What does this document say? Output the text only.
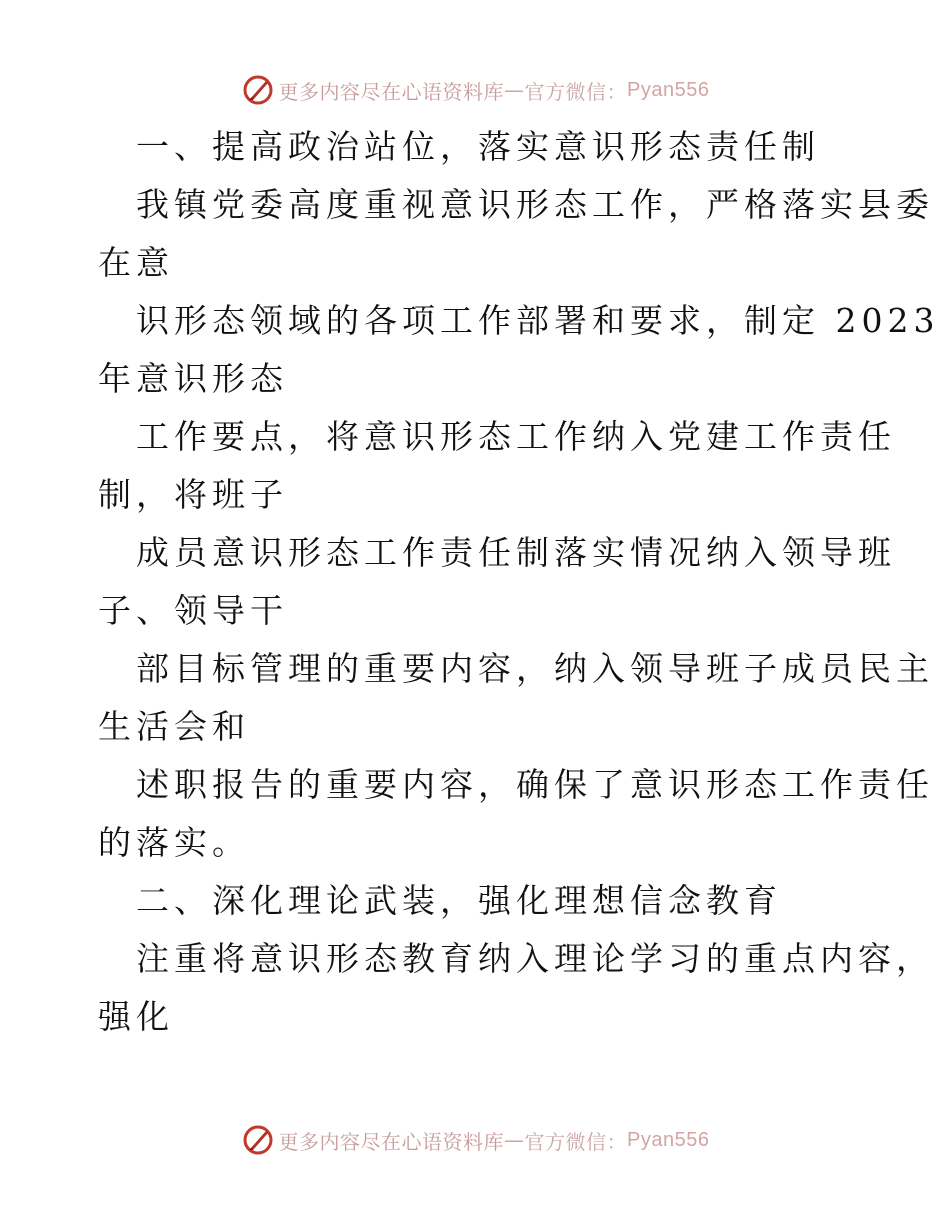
更多内容尽在心语资料库 — 官方微信： Pyan556
一、提高政治站位，落实意识形态责任制
我镇党委高度重视意识形态工作，严格落实县委
在意
识形态领域的各项工作部署和要求，制定 2023
年意识形态
工作要点，将意识形态工作纳入党建工作责任
制，将班子
成员意识形态工作责任制落实情况纳入领导班
子、领导干
部目标管理的重要内容，纳入领导班子成员民主
生活会和
述职报告的重要内容，确保了意识形态工作责任
的落实。
二、深化理论武装，强化理想信念教育
注重将意识形态教育纳入理论学习的重点内容，
强化
更多内容尽在心语资料库 — 官方微信： Pyan556
